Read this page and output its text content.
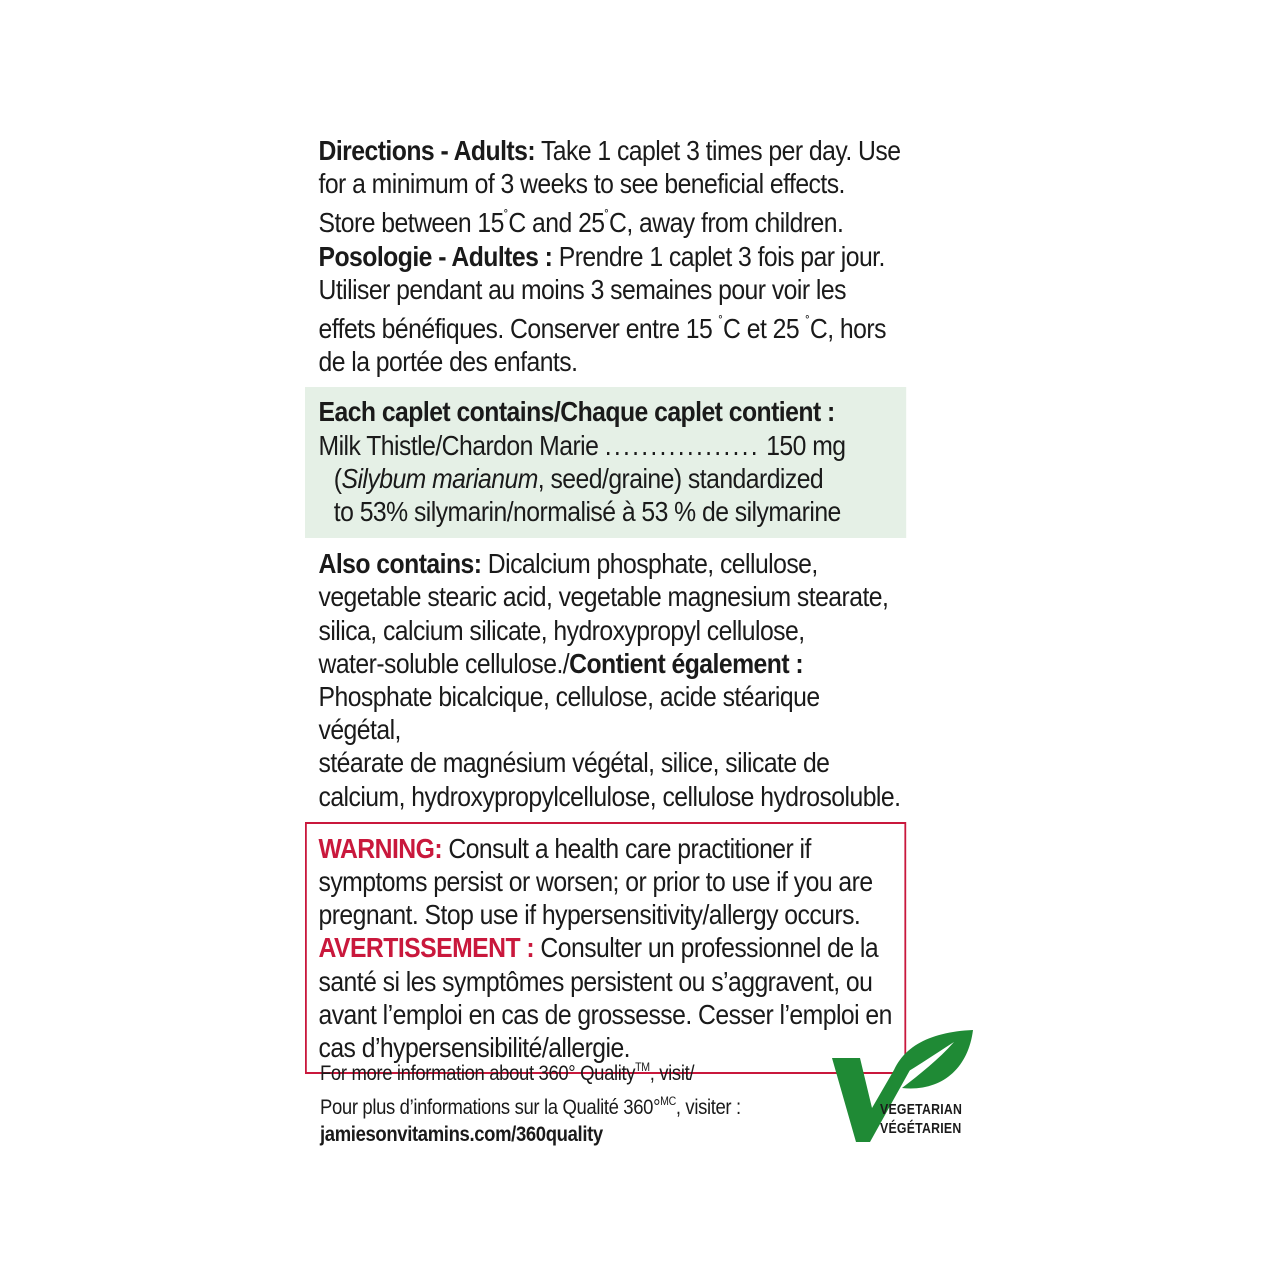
Directions - Adults: Take 1 caplet 3 times per day. Use
for a minimum of 3 weeks to see beneficial effects.
Store between 15˚C and 25˚C, away from children.
Posologie - Adultes : Prendre 1 caplet 3 fois par jour.
Utiliser pendant au moins 3 semaines pour voir les
effets bénéfiques. Conserver entre 15 ˚C et 25 ˚C, hors
de la portée des enfants.
Each caplet contains/Chaque caplet contient :
Milk Thistle/Chardon Marie ................. 150 mg
(Silybum marianum, seed/graine) standardized
to 53% silymarin/normalisé à 53 % de silymarine
Also contains: Dicalcium phosphate, cellulose,
vegetable stearic acid, vegetable magnesium stearate,
silica, calcium silicate, hydroxypropyl cellulose,
water-soluble cellulose./Contient également :
Phosphate bicalcique, cellulose, acide stéarique végétal,
stéarate de magnésium végétal, silice, silicate de
calcium, hydroxypropylcellulose, cellulose hydrosoluble.
WARNING: Consult a health care practitioner if
symptoms persist or worsen; or prior to use if you are
pregnant. Stop use if hypersensitivity/allergy occurs.
AVERTISSEMENT : Consulter un professionnel de la
santé si les symptômes persistent ou s’aggravent, ou
avant l’emploi en cas de grossesse. Cesser l’emploi en
cas d’hypersensibilité/allergie.
For more information about 360° Quality™, visit/
Pour plus d’informations sur la Qualité 360°$^{MC}$, visiter :
jamiesonvitamins.com/360quality
VEGETARIAN
VÉGÉTARIEN
